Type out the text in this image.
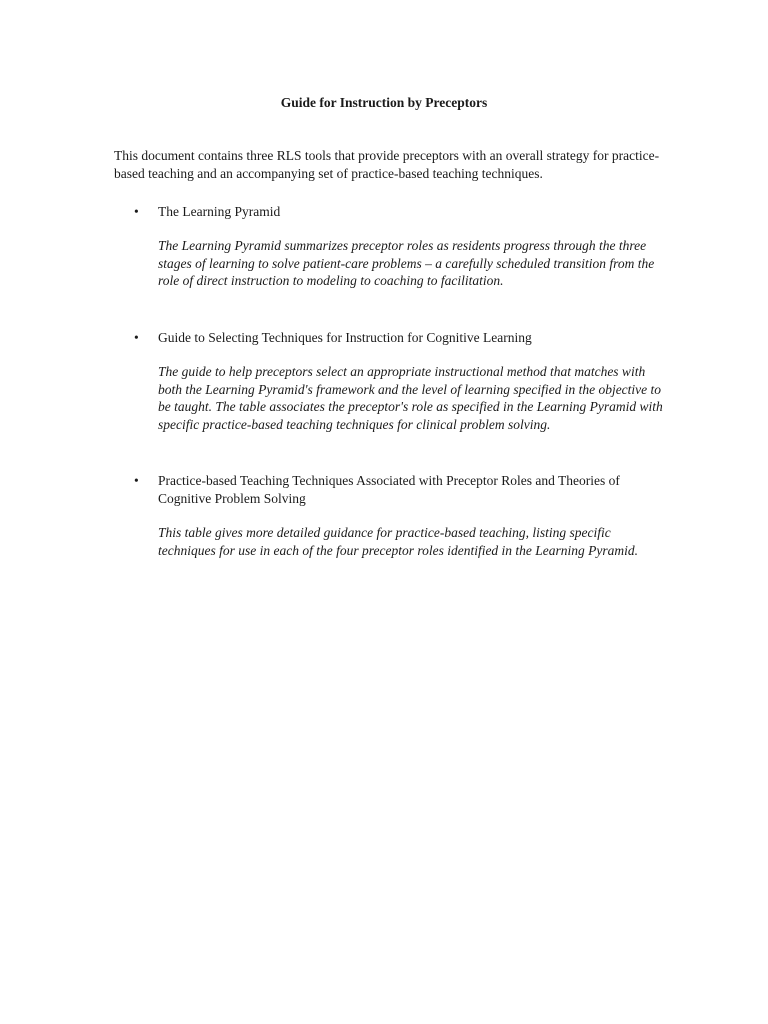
Guide for Instruction by Preceptors
This document contains three RLS tools that provide preceptors with an overall strategy for practice-based teaching and an accompanying set of practice-based teaching techniques.
• The Learning Pyramid
The Learning Pyramid summarizes preceptor roles as residents progress through the three stages of learning to solve patient-care problems – a carefully scheduled transition from the role of direct instruction to modeling to coaching to facilitation.
• Guide to Selecting Techniques for Instruction for Cognitive Learning
The guide to help preceptors select an appropriate instructional method that matches with both the Learning Pyramid's framework and the level of learning specified in the objective to be taught. The table associates the preceptor's role as specified in the Learning Pyramid with specific practice-based teaching techniques for clinical problem solving.
• Practice-based Teaching Techniques Associated with Preceptor Roles and Theories of Cognitive Problem Solving
This table gives more detailed guidance for practice-based teaching, listing specific techniques for use in each of the four preceptor roles identified in the Learning Pyramid.
